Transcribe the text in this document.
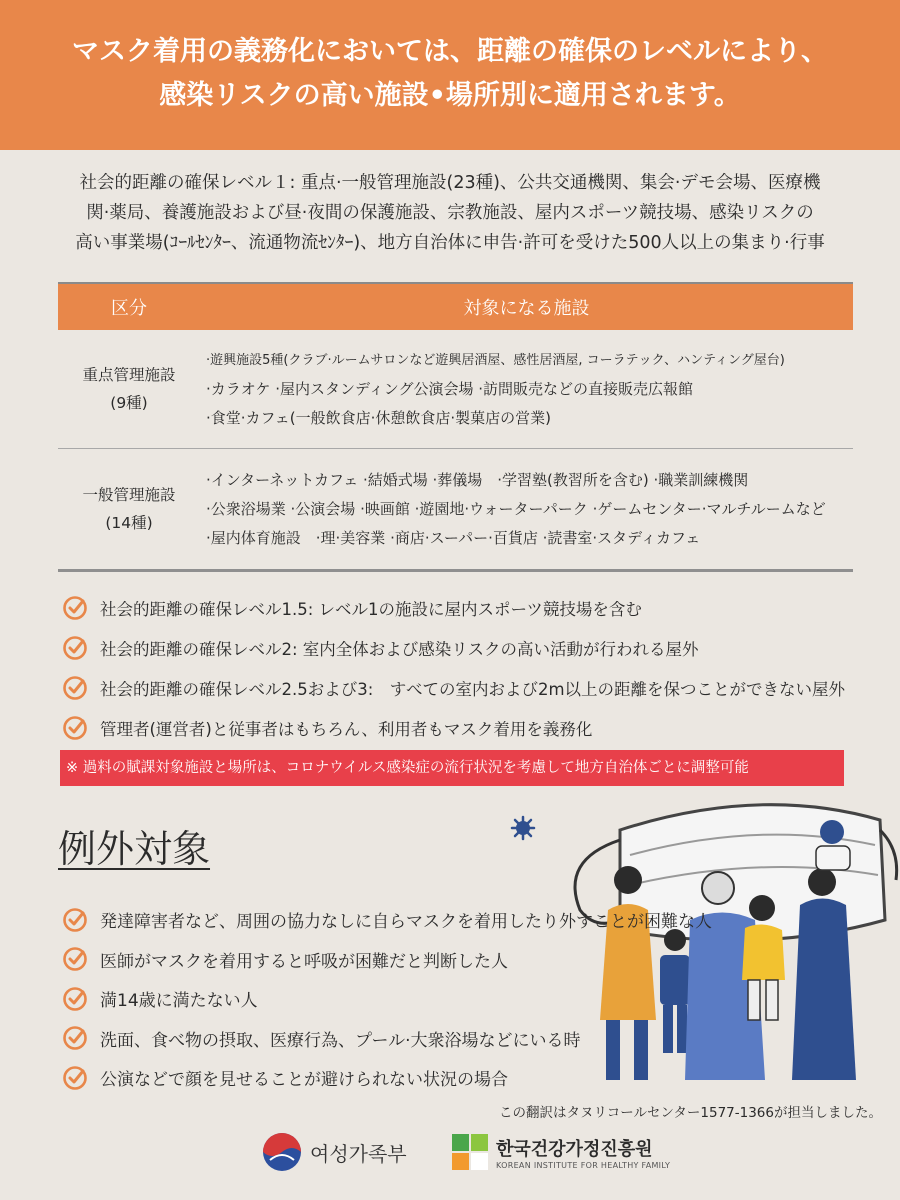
マスク着用の義務化においては、距離の確保のレベルにより、
感染リスクの高い施設•場所別に適用されます。
社会的距離の確保レベル１: 重点·一般管理施設(23種)、公共交通機関、集会·デモ会場、医療機
関·薬局、養護施設および昼·夜間の保護施設、宗教施設、屋内スポーツ競技場、感染リスクの
高い事業場(ｺｰﾙｾﾝﾀｰ、流通物流ｾﾝﾀｰ)、地方自治体に申告·許可を受けた500人以上の集まり·行事
区分	対象になる施設
重点管理施設
(9種)
·遊興施設5種(クラブ·ルームサロンなど遊興居酒屋、感性居酒屋, コーラテック、ハンティング屋台)
·カラオケ ·屋内スタンディング公演会場 ·訪問販売などの直接販売広報館
·食堂·カフェ(一般飲食店·休憩飲食店·製菓店の営業)
一般管理施設
(14種)
·インターネットカフェ ·結婚式場 ·葬儀場　·学習塾(教習所を含む) ·職業訓練機関
·公衆浴場業 ·公演会場 ·映画館 ·遊園地·ウォーターパーク ·ゲームセンター·マルチルームなど
·屋内体育施設　·理·美容業 ·商店·スーパー·百貨店 ·読書室·スタディカフェ
社会的距離の確保レベル1.5: レベル1の施設に屋内スポーツ競技場を含む
社会的距離の確保レベル2: 室内全体および感染リスクの高い活動が行われる屋外
社会的距離の確保レベル2.5および3:　すべての室内および2m以上の距離を保つことができない屋外
管理者(運営者)と従事者はもちろん、利用者もマスク着用を義務化
※ 過料の賦課対象施設と場所は、コロナウイルス感染症の流行状況を考慮して地方自治体ごとに調整可能
例外対象
発達障害者など、周囲の協力なしに自らマスクを着用したり外すことが困難な人
医師がマスクを着用すると呼吸が困難だと判断した人
満14歳に満たない人
洗面、食べ物の摂取、医療行為、プール·大衆浴場などにいる時
公演などで顔を見せることが避けられない状況の場合
この翻訳はタヌリコールセンター1577-1366が担当しました。
여성가족부	한국건강가정진흥원
KOREAN INSTITUTE FOR HEALTHY FAMILY
